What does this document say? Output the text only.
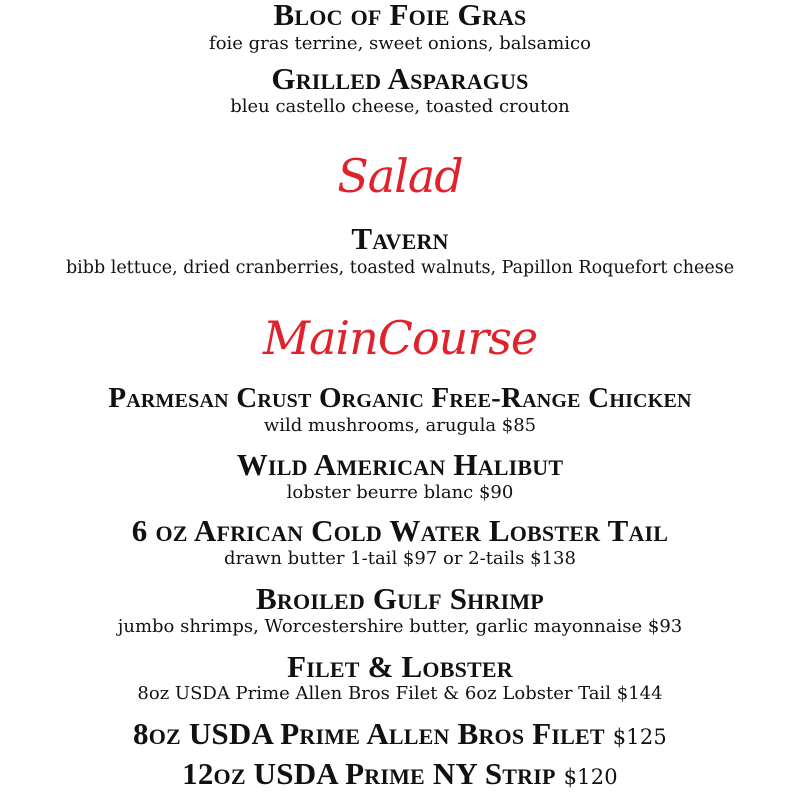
Bloc of Foie Gras
foie gras terrine, sweet onions, balsamico
Grilled Asparagus
bleu castello cheese, toasted crouton
Salad
Tavern
bibb lettuce, dried cranberries, toasted walnuts, Papillon Roquefort cheese
MainCourse
Parmesan Crust Organic Free-Range Chicken
wild mushrooms, arugula $85
Wild American Halibut
lobster beurre blanc $90
6 oz African Cold Water Lobster Tail
drawn butter 1-tail $97 or 2-tails $138
Broiled Gulf Shrimp
jumbo shrimps, Worcestershire butter, garlic mayonnaise $93
Filet & Lobster
8oz USDA Prime Allen Bros Filet & 6oz Lobster Tail $144
8oz USDA Prime Allen Bros Filet $125
12oz USDA Prime NY Strip $120
